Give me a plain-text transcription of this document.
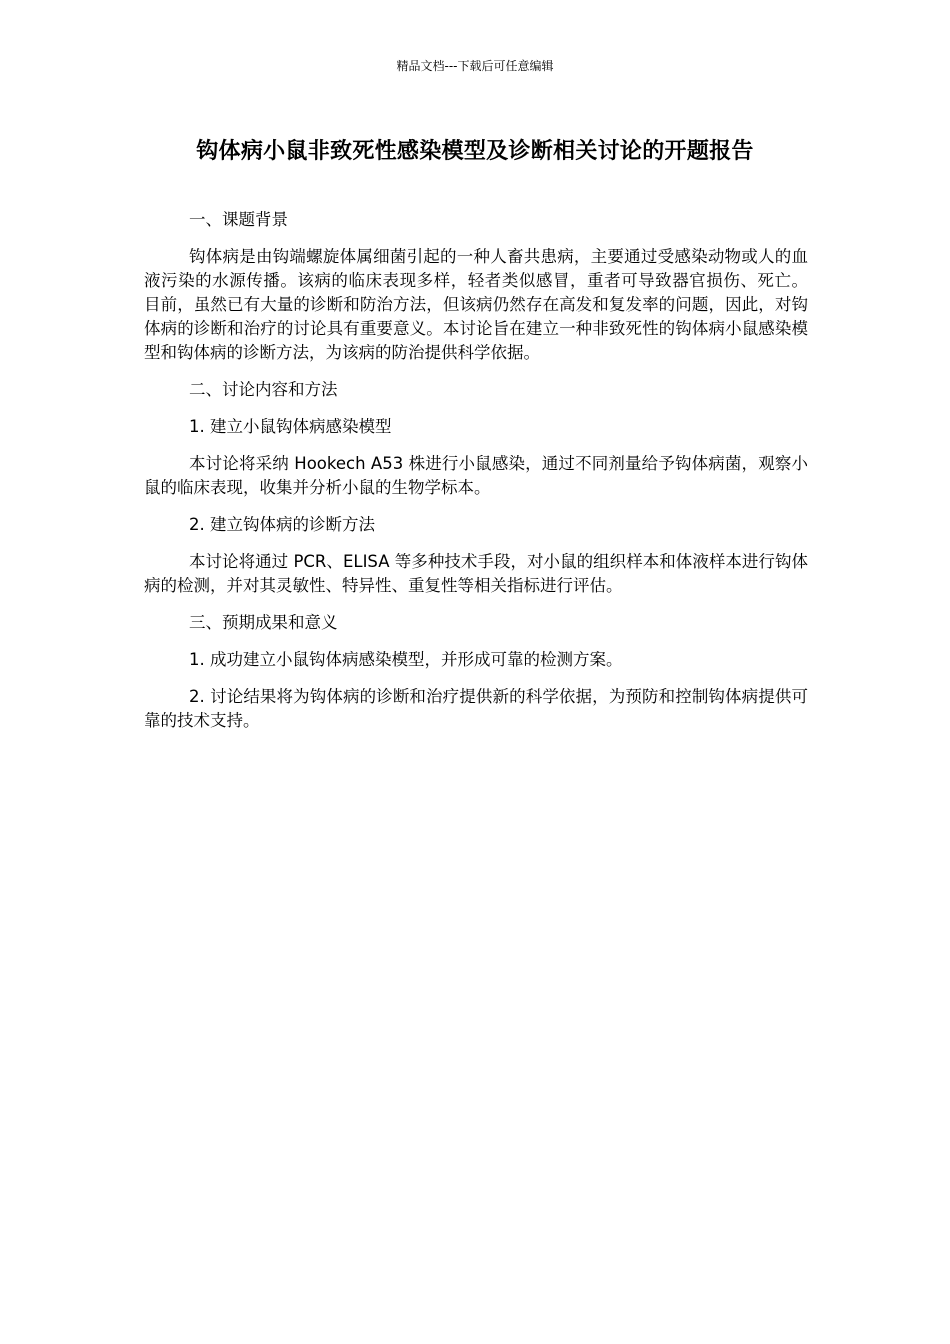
精品文档---下载后可任意编辑
钩体病小鼠非致死性感染模型及诊断相关讨论的开题报告

一、课题背景

钩体病是由钩端螺旋体属细菌引起的一种人畜共患病，主要通过受感染动物或人的血液污染的水源传播。该病的临床表现多样，轻者类似感冒，重者可导致器官损伤、死亡。 目前，虽然已有大量的诊断和防治方法，但该病仍然存在高发和复发率的问题，因此，对钩体病的诊断和治疗的讨论具有重要意义。本讨论旨在建立一种非致死性的钩体病小鼠感染模型和钩体病的诊断方法，为该病的防治提供科学依据。

二、讨论内容和方法

1. 建立小鼠钩体病感染模型

本讨论将采纳 Hookech A53 株进行小鼠感染，通过不同剂量给予钩体病菌，观察小鼠的临床表现，收集并分析小鼠的生物学标本。

2. 建立钩体病的诊断方法

本讨论将通过 PCR、ELISA 等多种技术手段，对小鼠的组织样本和体液样本进行钩体病的检测，并对其灵敏性、特异性、重复性等相关指标进行评估。

三、预期成果和意义

1. 成功建立小鼠钩体病感染模型，并形成可靠的检测方案。

2. 讨论结果将为钩体病的诊断和治疗提供新的科学依据，为预防和控制钩体病提供可靠的技术支持。
